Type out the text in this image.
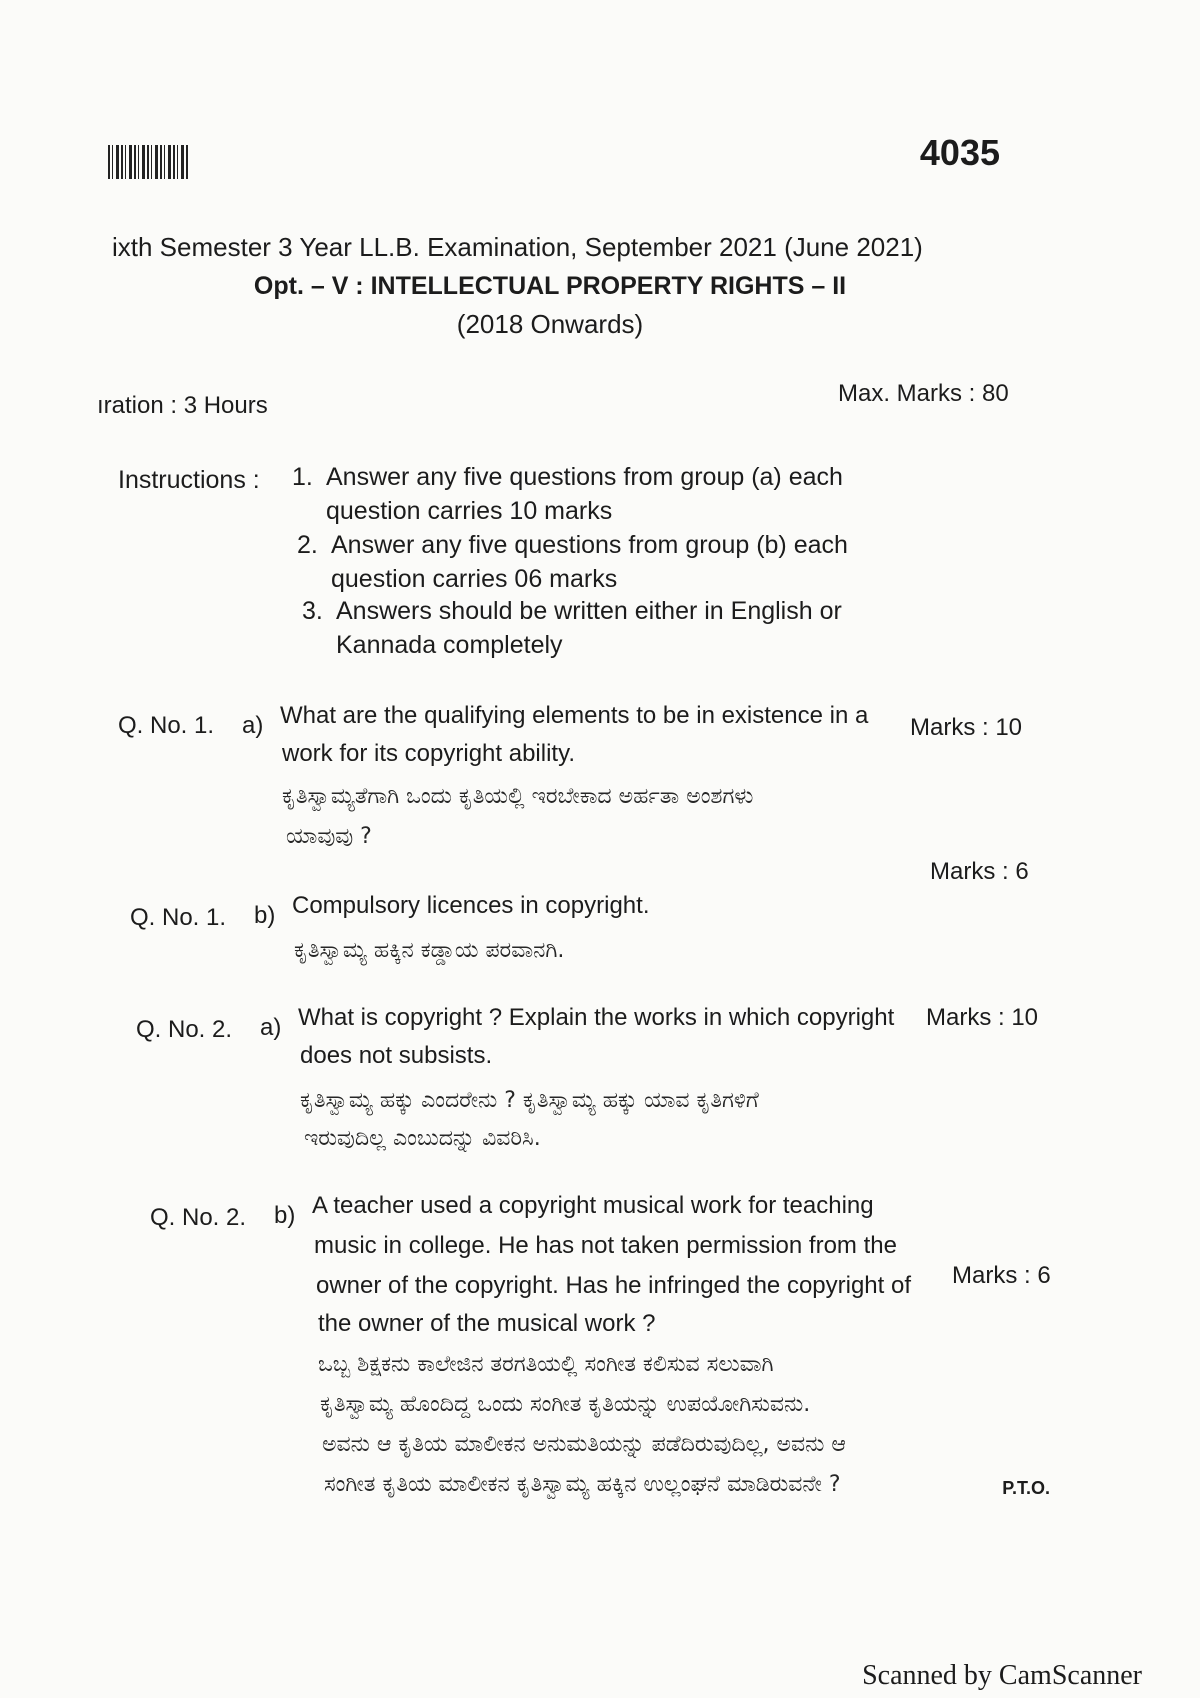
4035
ixth Semester 3 Year LL.B. Examination, September 2021 (June 2021)
Opt. – V : INTELLECTUAL PROPERTY RIGHTS – II
(2018 Onwards)
ıration : 3 Hours	Max. Marks : 80
Instructions : 1. Answer any five questions from group (a) each
question carries 10 marks
2. Answer any five questions from group (b) each
question carries 06 marks
3. Answers should be written either in English or
Kannada completely
Q. No. 1. a) What are the qualifying elements to be in existence in a
work for its copyright ability.
ಕೃತಿಸ್ವಾಮ್ಯತೆಗಾಗಿ ಒಂದು ಕೃತಿಯಲ್ಲಿ ಇರಬೇಕಾದ ಅರ್ಹತಾ ಅಂಶಗಳು
ಯಾವುವು ?
Marks : 10
Marks : 6
Q. No. 1. b) Compulsory licences in copyright.
ಕೃತಿಸ್ವಾಮ್ಯ ಹಕ್ಕಿನ ಕಡ್ಡಾಯ ಪರವಾನಗಿ.
Q. No. 2. a) What is copyright ? Explain the works in which copyright
does not subsists.
ಕೃತಿಸ್ವಾಮ್ಯ ಹಕ್ಕು ಎಂದರೇನು ? ಕೃತಿಸ್ವಾಮ್ಯ ಹಕ್ಕು ಯಾವ ಕೃತಿಗಳಿಗೆ
ಇರುವುದಿಲ್ಲ ಎಂಬುದನ್ನು ವಿವರಿಸಿ.
Marks : 10
Q. No. 2. b) A teacher used a copyright musical work for teaching
music in college. He has not taken permission from the
owner of the copyright. Has he infringed the copyright of
the owner of the musical work ?
ಒಬ್ಬ ಶಿಕ್ಷಕನು ಕಾಲೇಜಿನ ತರಗತಿಯಲ್ಲಿ ಸಂಗೀತ ಕಲಿಸುವ ಸಲುವಾಗಿ
ಕೃತಿಸ್ವಾಮ್ಯ ಹೊಂದಿದ್ದ ಒಂದು ಸಂಗೀತ ಕೃತಿಯನ್ನು ಉಪಯೋಗಿಸುವನು.
ಅವನು ಆ ಕೃತಿಯ ಮಾಲೀಕನ ಅನುಮತಿಯನ್ನು ಪಡೆದಿರುವುದಿಲ್ಲ, ಅವನು ಆ
ಸಂಗೀತ ಕೃತಿಯ ಮಾಲೀಕನ ಕೃತಿಸ್ವಾಮ್ಯ ಹಕ್ಕಿನ ಉಲ್ಲಂಘನೆ ಮಾಡಿರುವನೇ ?
Marks : 6
P.T.O.
Scanned by CamScanner
